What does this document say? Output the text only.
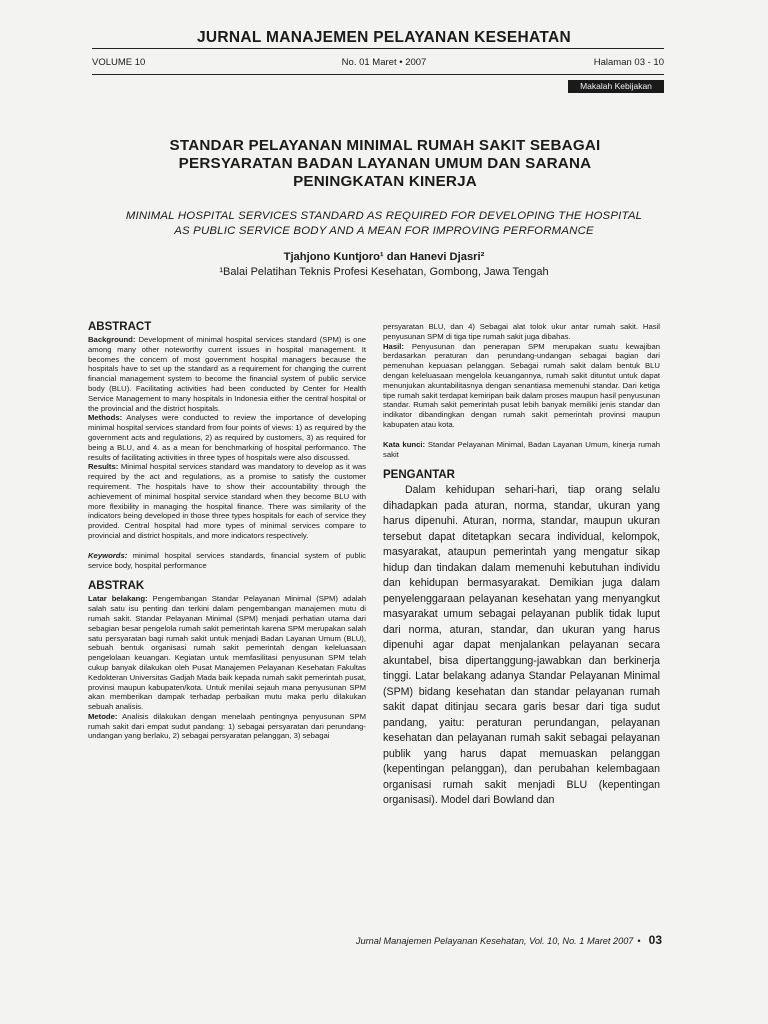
JURNAL MANAJEMEN PELAYANAN KESEHATAN
VOLUME 10	No. 01 Maret • 2007	Halaman 03 - 10
Makalah Kebijakan
STANDAR PELAYANAN MINIMAL RUMAH SAKIT SEBAGAI
PERSYARATAN BADAN LAYANAN UMUM DAN SARANA
PENINGKATAN KINERJA
MINIMAL HOSPITAL SERVICES STANDARD AS REQUIRED FOR DEVELOPING THE HOSPITAL
AS PUBLIC SERVICE BODY AND A MEAN FOR IMPROVING PERFORMANCE
Tjahjono Kuntjoro¹ dan Hanevi Djasri²
¹Balai Pelatihan Teknis Profesi Kesehatan, Gombong, Jawa Tengah
ABSTRACT

Background: Development of minimal hospital services standard (SPM) is one among many other noteworthy current issues in hospital management. It becomes the concern of most government hospital managers because the hospitals have to set up the standard as a requirement for changing the current financial management system to become the financial system of public service body (BLU). Facilitating activities had been conducted by Center for Health Service Management to many hospitals in Indonesia either the central hospital or the provincial and the district hospitals.

Methods: Analyses were conducted to review the importance of developing minimal hospital services standard from four points of views: 1) as required by the government acts and regulations, 2) as required by customers, 3) as required for being a BLU, and 4. as a mean for benchmarking of hospital performanco. The results of facilitating activities in three types of hospitals were also discussed.

Results: Minimal hospital services standard was mandatory to develop as it was required by the act and regulations, as a promise to satisfy the customer requirement. The hospitals have to show their accountability through the achievement of minimal hospital service standard when they become BLU with more flexibility in managing the hospital finance. There was similarity of the indicators being developed in those three types hospitals for each of service they provided. Central hospital had more types of minimal services compare to provincial and district hospitals, and more indicators respectively.

Keywords: minimal hospital services standards, financial system of public service body, hospital performance

ABSTRAK

Latar belakang: Pengembangan Standar Pelayanan Minimal (SPM) adalah salah satu isu penting dan terkini dalam pengembangan manajemen mutu di rumah sakit. Standar Pelayanan Minimal (SPM) menjadi perhatian utama dari sebagian besar pengelola rumah sakit pemerintah karena SPM merupakan salah satu persyaratan bagi rumah sakit untuk menjadi Badan Layanan Umum (BLU), sebuah bentuk organisasi rumah sakit pemerintah dengan keleluasaan pengelolaan keuangan. Kegiatan untuk memfasilitasi penyusunan SPM telah cukup banyak dilakukan oleh Pusat Manajemen Pelayanan Kesehatan Fakultas Kedokteran Universitas Gadjah Mada baik kepada rumah sakit pemerintah pusat, provinsi maupun kabupaten/kota. Untuk menilai sejauh mana penyusunan SPM akan memberikan dampak terhadap perbaikan mutu maka perlu dilakukan sebuah analisis.

Metode: Analisis dilakukan dengan menelaah pentingnya penyusunan SPM rumah sakit dari empat sudut pandang: 1) sebagai persyaratan dari perundang-undangan yang berlaku, 2) sebagai persyaratan pelanggan, 3) sebagai

persyaratan BLU, dan 4) Sebagai alat tolok ukur antar rumah sakit. Hasil penyusunan SPM di tiga tipe rumah sakit juga dibahas.

Hasil: Penyusunan dan penerapan SPM merupakan suatu kewajiban berdasarkan peraturan dan perundang-undangan sebagai bagian dari pemenuhan kepuasan pelanggan. Sebagai rumah sakit dalam bentuk BLU dengan keleluasaan mengelola keuangannya, rumah sakit dituntut untuk dapat menunjukan akuntabilitasnya dengan senantiasa memenuhi standar. Dari ketiga tipe rumah sakit terdapat kemiripan baik dalam proses maupun hasil penyusunan standar. Rumah sakit pemerintah pusat lebih banyak memiliki jenis standar dan indikator dibandingkan dengan rumah sakit pemerintah provinsi maupun kabupaten atau kota.

Kata kunci: Standar Pelayanan Minimal, Badan Layanan Umum, kinerja rumah sakit

PENGANTAR

Dalam kehidupan sehari-hari, tiap orang selalu dihadapkan pada aturan, norma, standar, ukuran yang harus dipenuhi. Aturan, norma, standar, maupun ukuran tersebut dapat ditetapkan secara individual, kelompok, masyarakat, ataupun pemerintah yang mengatur sikap hidup dan tindakan dalam memenuhi kebutuhan individu dan kehidupan bermasyarakat. Demikian juga dalam penyelenggaraan pelayanan kesehatan yang menyangkut masyarakat umum sebagai pelayanan publik tidak luput dari norma, aturan, standar, dan ukuran yang harus dipenuhi agar dapat menjalankan pelayanan secara akuntabel, bisa dipertanggung-jawabkan dan berkinerja tinggi. Latar belakang adanya Standar Pelayanan Minimal (SPM) bidang kesehatan dan standar pelayanan rumah sakit dapat ditinjau secara garis besar dari tiga sudut pandang, yaitu: peraturan perundangan, pelayanan kesehatan dan pelayanan rumah sakit sebagai pelayanan publik yang harus dapat memuaskan pelanggan (kepentingan pelanggan), dan perubahan kelembagaan organisasi rumah sakit menjadi BLU (kepentingan organisasi). Model dari Bowland dan

Jurnal Manajemen Pelayanan Kesehatan, Vol. 10, No. 1 Maret 2007 • 03
